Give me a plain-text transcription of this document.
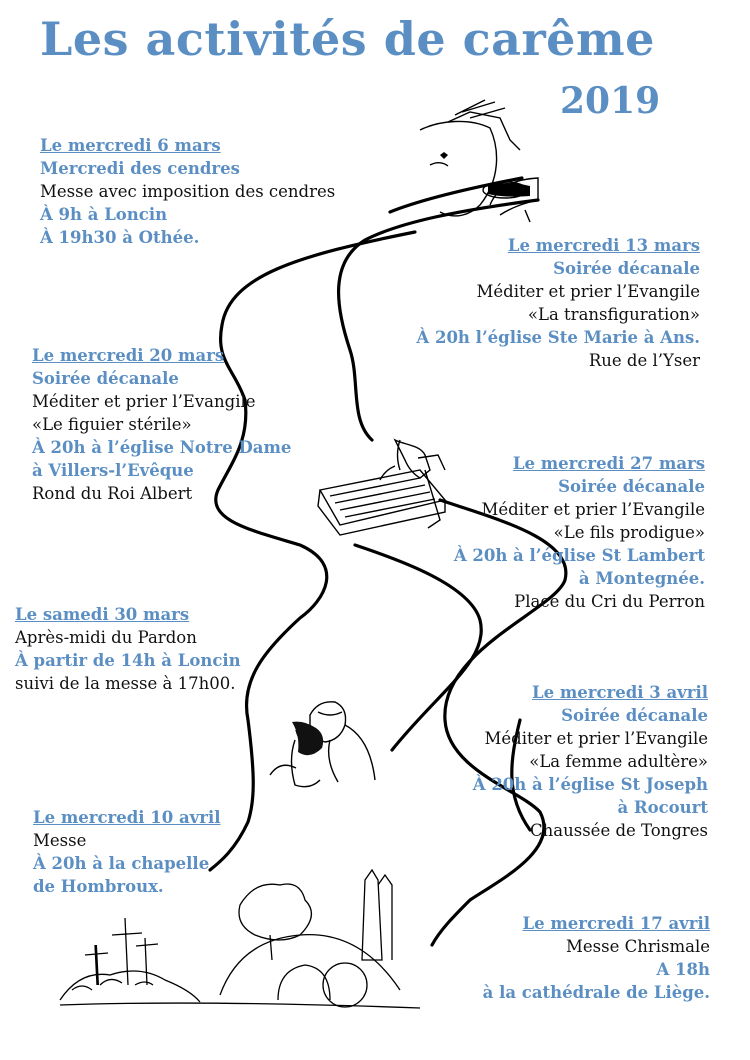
Les activités de carême
2019
Le mercredi 6 mars
Mercredi des cendres
Messe avec imposition des cendres
À 9h à Loncin
À 19h30 à Othée.	Le mercredi 13 mars
Soirée décanale
Méditer et prier l’Evangile
«La transfiguration»
À 20h l’église Ste Marie à Ans.
Rue de l’Yser
Le mercredi 20 mars
Soirée décanale
Méditer et prier l’Evangile
«Le figuier stérile»
À 20h à l’église Notre Dame
à Villers-l’Evêque
Rond du Roi Albert
Le mercredi 27 mars
Soirée décanale
Méditer et prier l’Evangile
«Le fils prodigue»
À 20h à l’église St Lambert
à Montegnée.
Place du Cri du Perron
Le samedi 30 mars
Après-midi du Pardon
À partir de 14h à Loncin
suivi de la messe à 17h00.	Le mercredi 3 avril
Soirée décanale
Méditer et prier l’Evangile
«La femme adultère»
À 20h à l’église St Joseph
à Rocourt
Chaussée de Tongres
Le mercredi 10 avril
Messe
À 20h à la chapelle
de Hombroux.
Le mercredi 17 avril
Messe Chrismale
A 18h
à la cathédrale de Liège.
